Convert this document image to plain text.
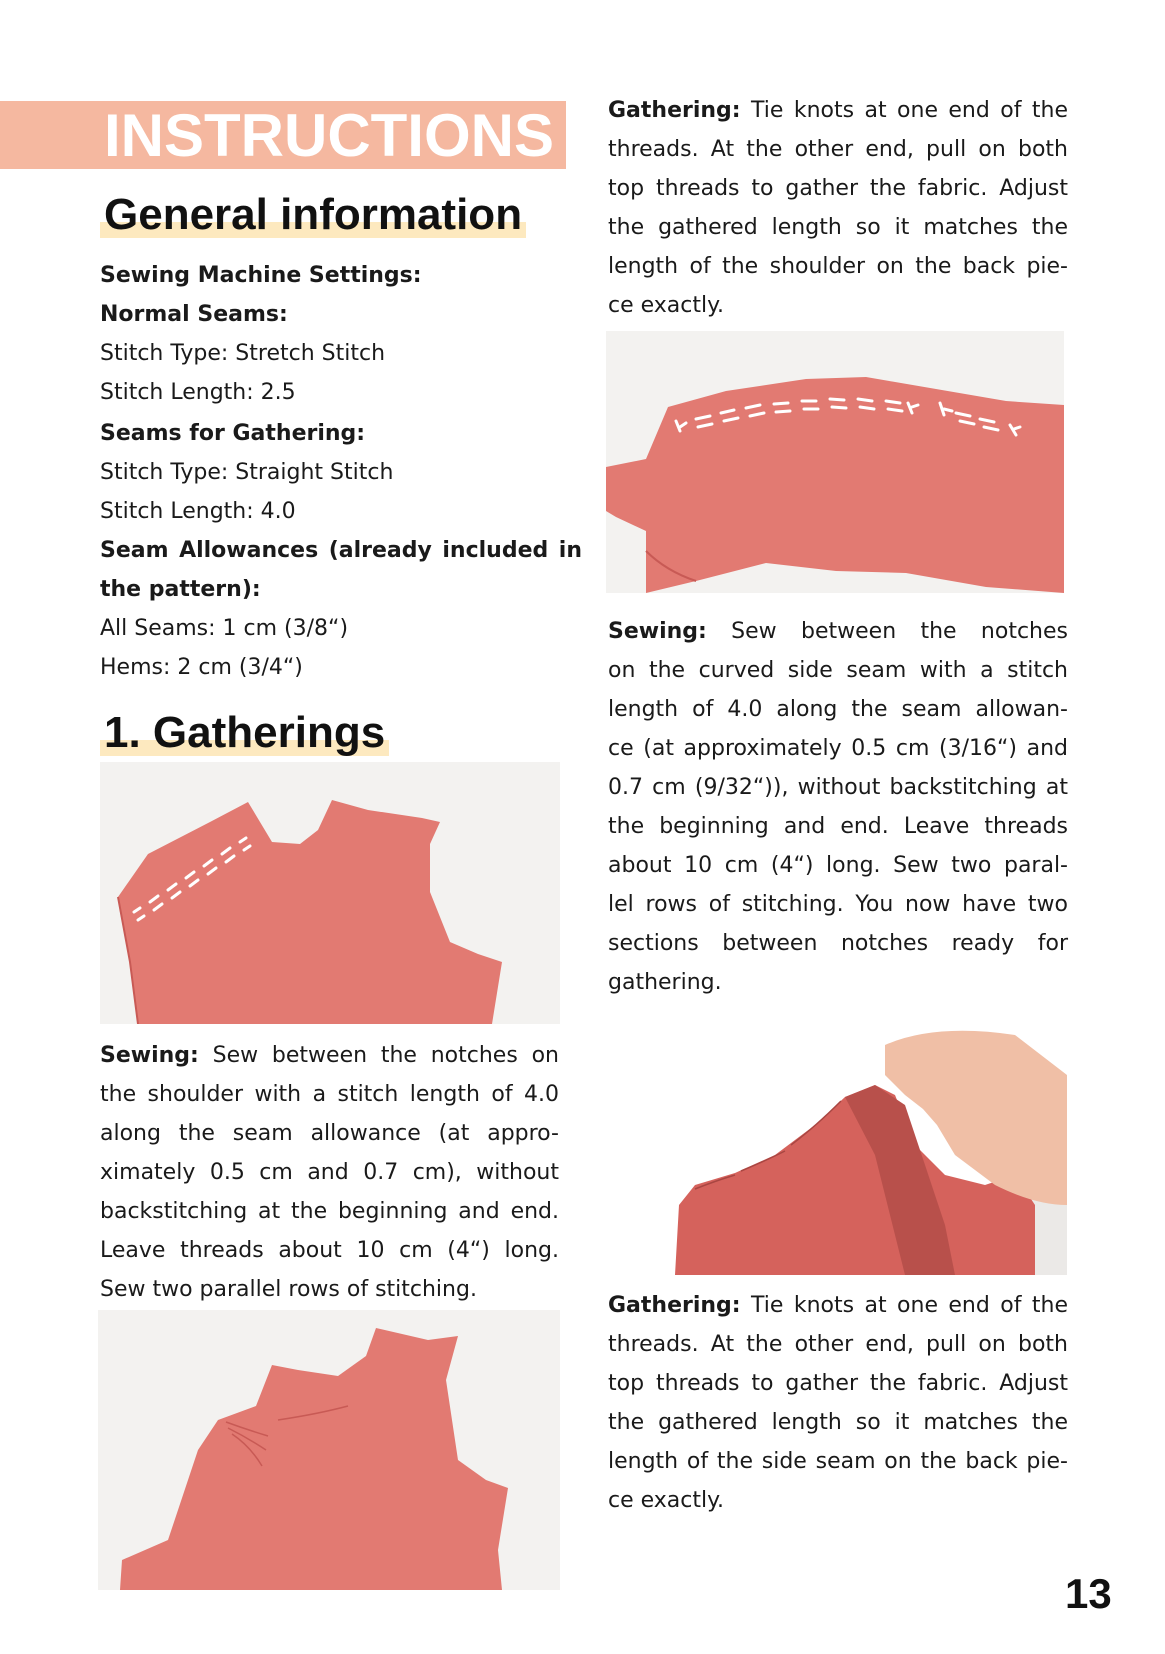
INSTRUCTIONS
General information
Sewing Machine Settings:
Normal Seams:
Stitch Type: Stretch Stitch
Stitch Length: 2.5
Seams for Gathering:
Stitch Type: Straight Stitch
Stitch Length: 4.0
Seam Allowances (already included in
the pattern):
All Seams: 1 cm (3/8“)
Hems: 2 cm (3/4“)
1. Gatherings
Sewing: Sew between the notches on
the shoulder with a stitch length of 4.0
along the seam allowance (at appro-
ximately 0.5 cm and 0.7 cm), without
backstitching at the beginning and end.
Leave threads about 10 cm (4“) long.
Sew two parallel rows of stitching.
Gathering: Tie knots at one end of the
threads. At the other end, pull on both
top threads to gather the fabric. Adjust
the gathered length so it matches the
length of the shoulder on the back pie-
ce exactly.
Sewing: Sew between the notches
on the curved side seam with a stitch
length of 4.0 along the seam allowan-
ce (at approximately 0.5 cm (3/16“) and
0.7 cm (9/32“)), without backstitching at
the beginning and end. Leave threads
about 10 cm (4“) long. Sew two paral-
lel rows of stitching. You now have two
sections between notches ready for
gathering.
Gathering: Tie knots at one end of the
threads. At the other end, pull on both
top threads to gather the fabric. Adjust
the gathered length so it matches the
length of the side seam on the back pie-
ce exactly.
13
